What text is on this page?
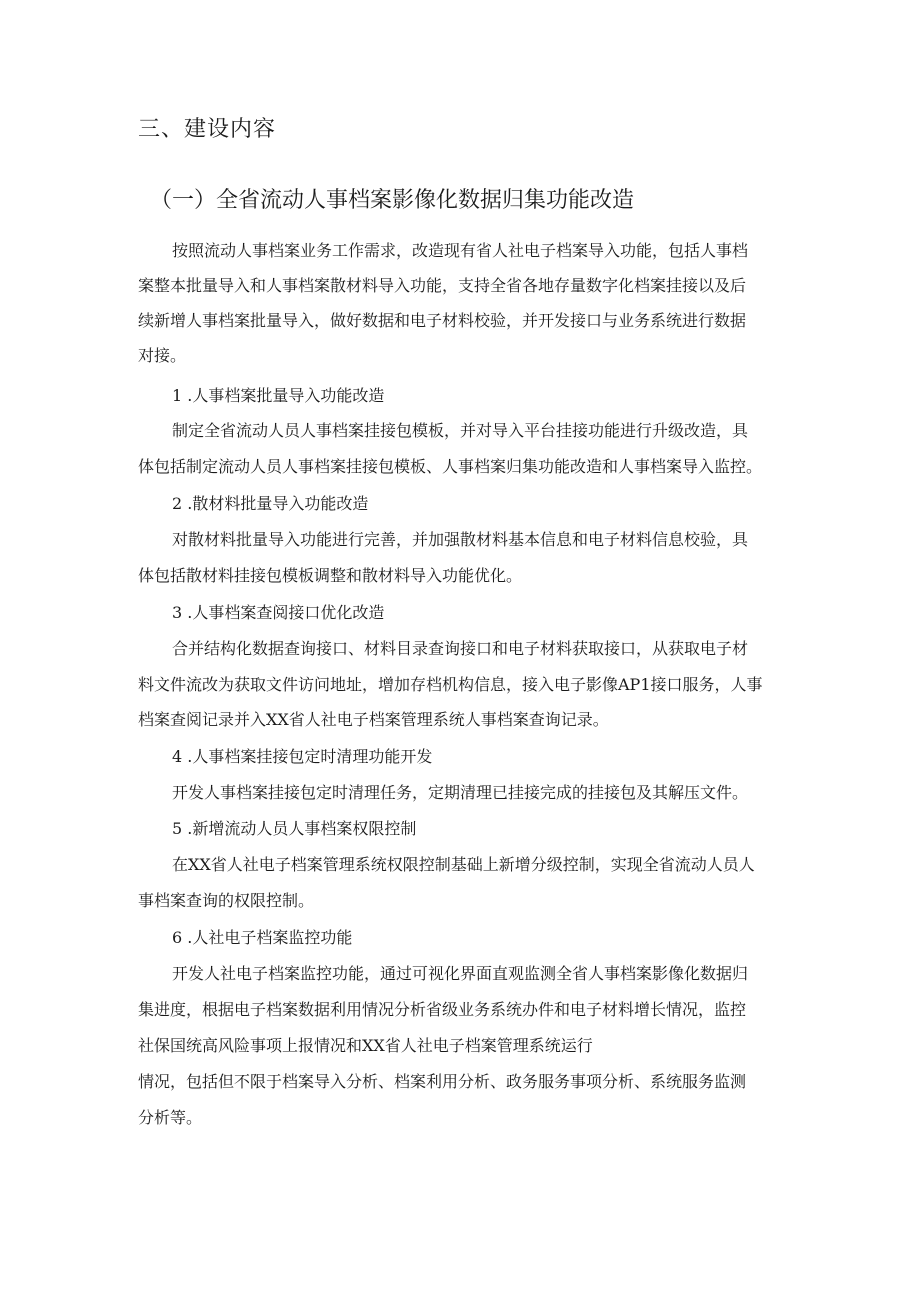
三、建设内容
（一）全省流动人事档案影像化数据归集功能改造

按照流动人事档案业务工作需求，改造现有省人社电子档案导入功能，包括人事档

案整本批量导入和人事档案散材料导入功能，支持全省各地存量数字化档案挂接以及后

续新增人事档案批量导入，做好数据和电子材料校验，并开发接口与业务系统进行数据

对接。

1 .人事档案批量导入功能改造

制定全省流动人员人事档案挂接包模板，并对导入平台挂接功能进行升级改造，具

体包括制定流动人员人事档案挂接包模板、人事档案归集功能改造和人事档案导入监控。

2 .散材料批量导入功能改造

对散材料批量导入功能进行完善，并加强散材料基本信息和电子材料信息校验，具

体包括散材料挂接包模板调整和散材料导入功能优化。

3 .人事档案查阅接口优化改造

合并结构化数据查询接口、材料目录查询接口和电子材料获取接口，从获取电子材

料文件流改为获取文件访问地址，增加存档机构信息，接入电子影像AP1接口服务，人事

档案查阅记录并入XX省人社电子档案管理系统人事档案查询记录。

4 .人事档案挂接包定时清理功能开发

开发人事档案挂接包定时清理任务，定期清理已挂接完成的挂接包及其解压文件。

5 .新增流动人员人事档案权限控制

在XX省人社电子档案管理系统权限控制基础上新增分级控制，实现全省流动人员人

事档案查询的权限控制。

6 .人社电子档案监控功能

开发人社电子档案监控功能，通过可视化界面直观监测全省人事档案影像化数据归

集进度，根据电子档案数据利用情况分析省级业务系统办件和电子材料增长情况，监控

社保国统高风险事项上报情况和XX省人社电子档案管理系统运行

情况，包括但不限于档案导入分析、档案利用分析、政务服务事项分析、系统服务监测

分析等。
